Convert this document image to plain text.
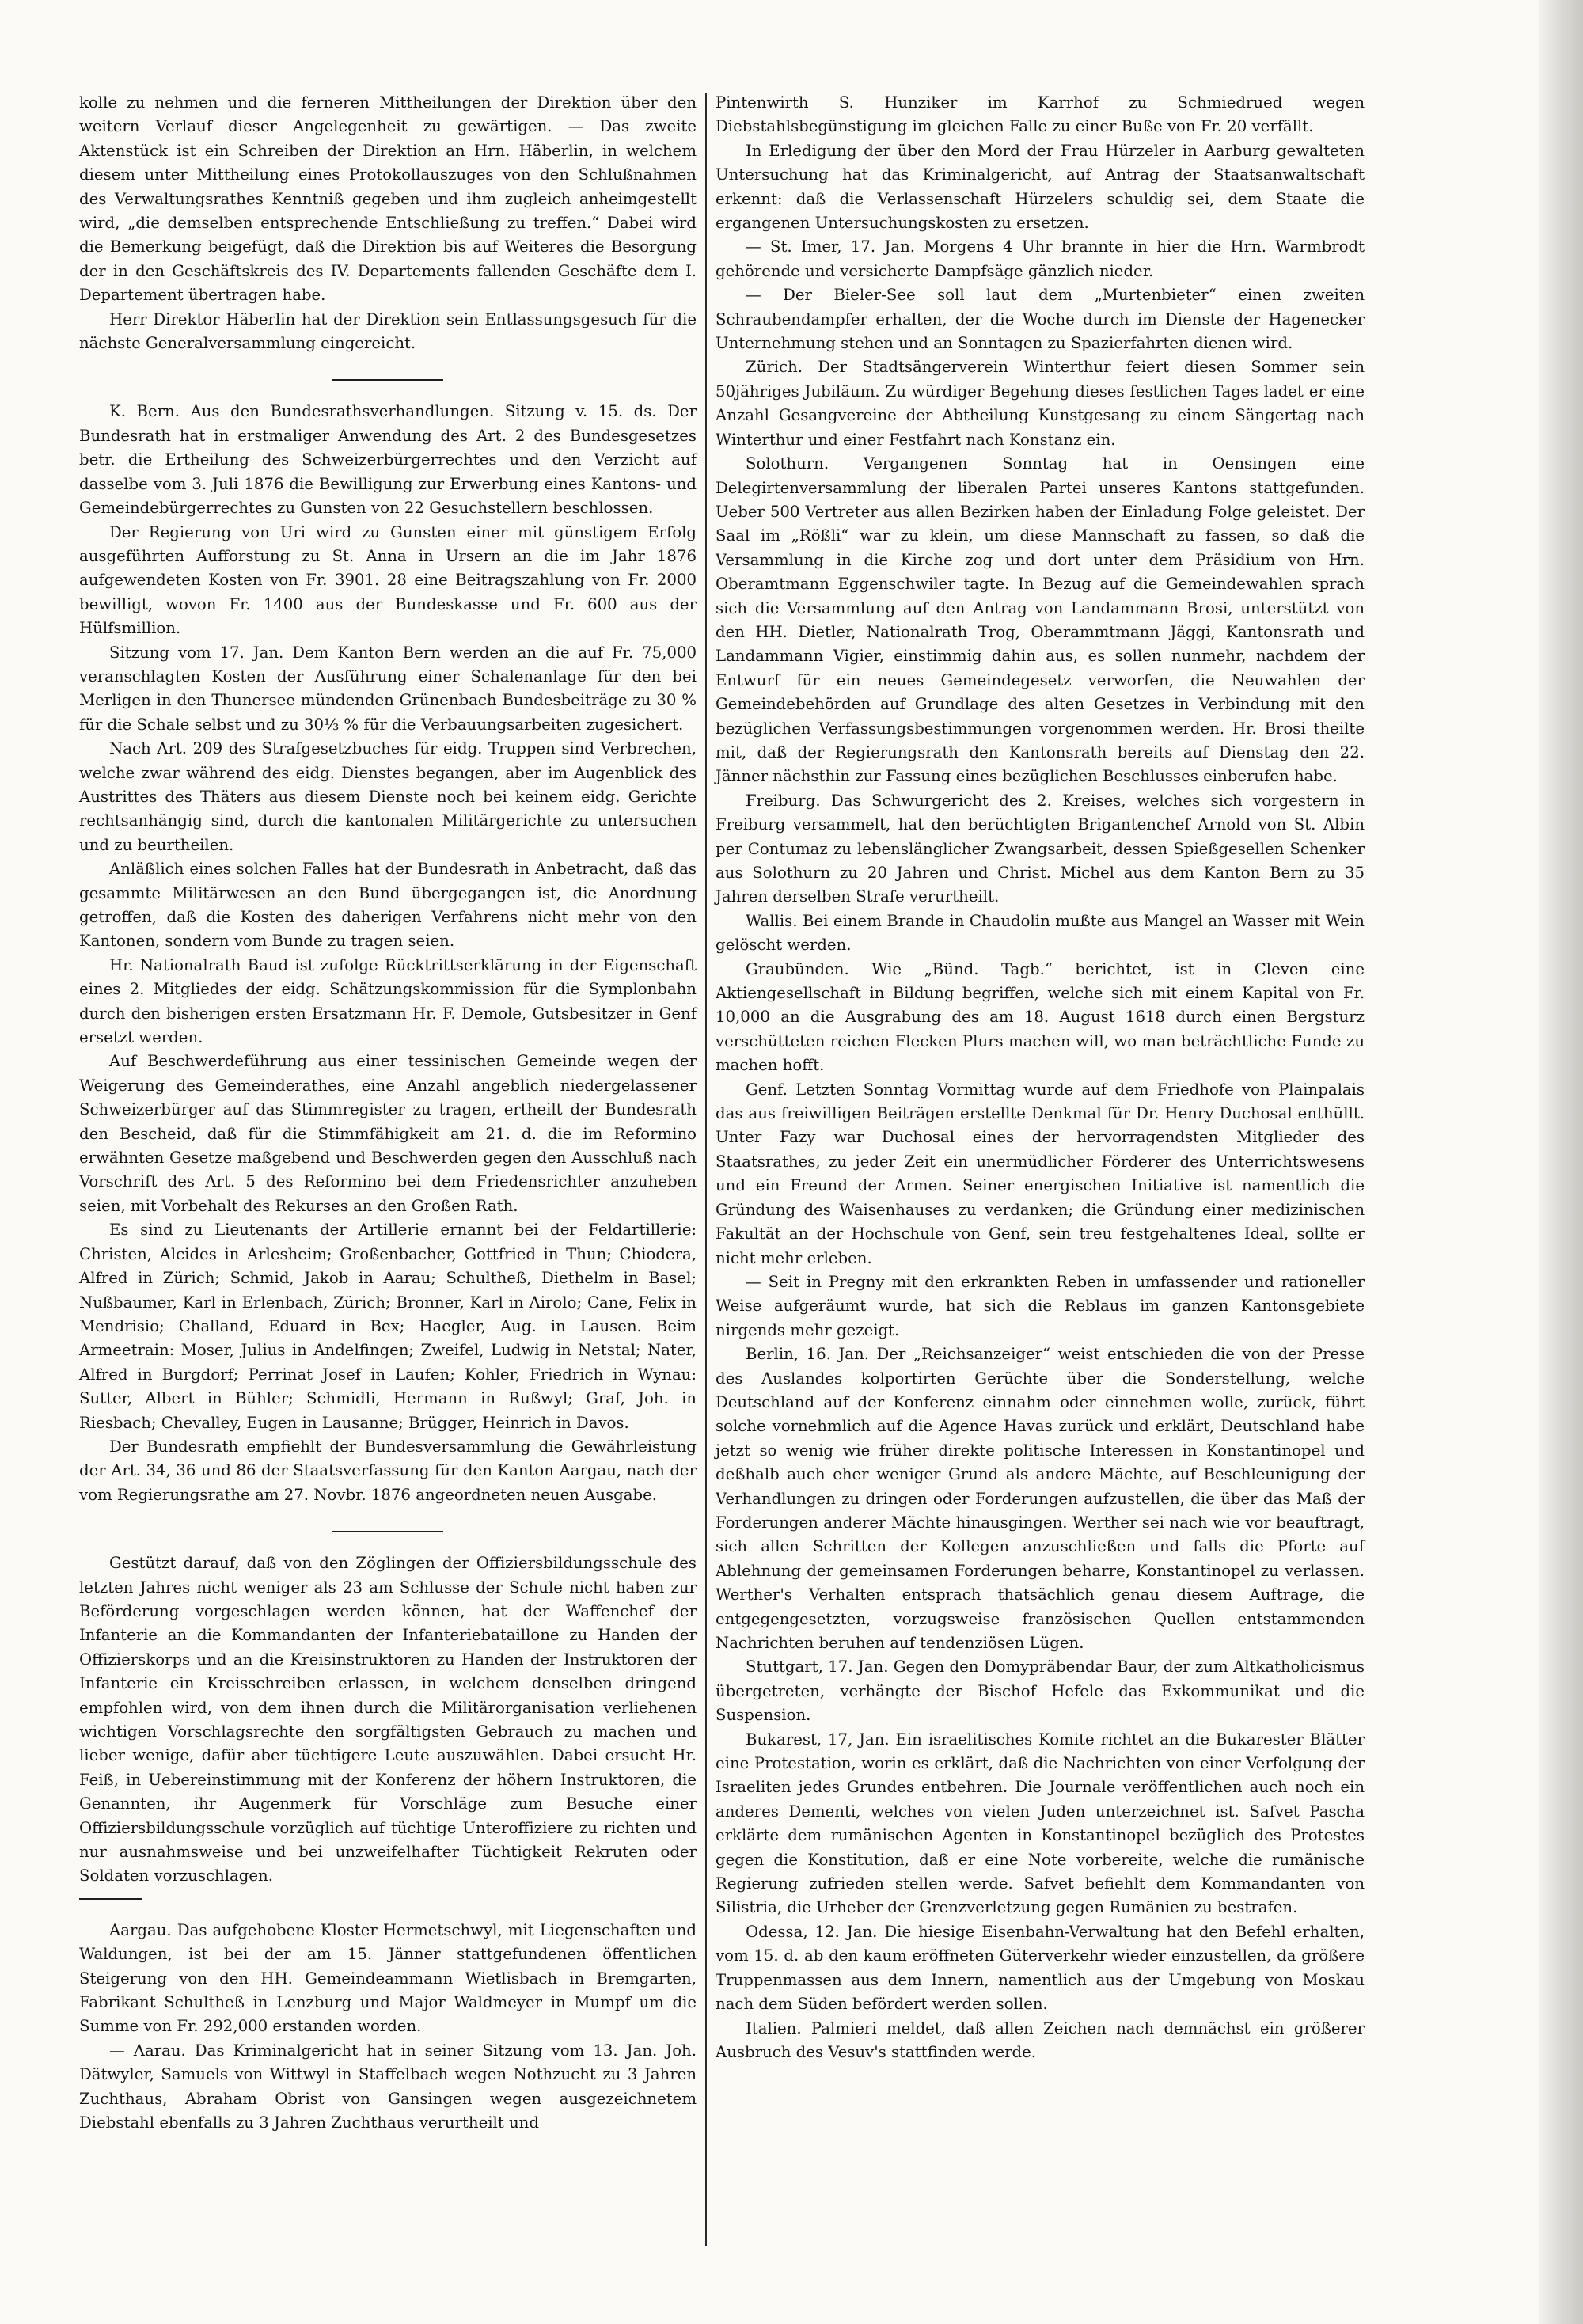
kolle zu nehmen und die ferneren Mittheilungen der Direktion über den weitern Verlauf dieser Angelegenheit zu gewärtigen. — Das zweite Aktenstück ist ein Schreiben der Direktion an Hrn. Häberlin, in welchem diesem unter Mittheilung eines Protokollauszuges von den Schlußnahmen des Verwaltungsrathes Kenntniß gegeben und ihm zugleich anheimgestellt wird, „die demselben entsprechende Entschließung zu treffen.“ Dabei wird die Bemerkung beigefügt, daß die Direktion bis auf Weiteres die Besorgung der in den Geschäftskreis des IV. Departements fallenden Geschäfte dem I. Departement übertragen habe.

Herr Direktor Häberlin hat der Direktion sein Entlassungsgesuch für die nächste Generalversammlung eingereicht.

K. Bern. Aus den Bundesrathsverhandlungen. Sitzung v. 15. ds. Der Bundesrath hat in erstmaliger Anwendung des Art. 2 des Bundesgesetzes betr. die Ertheilung des Schweizerbürgerrechtes und den Verzicht auf dasselbe vom 3. Juli 1876 die Bewilligung zur Erwerbung eines Kantons- und Gemeindebürgerrechtes zu Gunsten von 22 Gesuchstellern beschlossen.

Der Regierung von Uri wird zu Gunsten einer mit günstigem Erfolg ausgeführten Aufforstung zu St. Anna in Ursern an die im Jahr 1876 aufgewendeten Kosten von Fr. 3901. 28 eine Beitragszahlung von Fr. 2000 bewilligt, wovon Fr. 1400 aus der Bundeskasse und Fr. 600 aus der Hülfsmillion.

Sitzung vom 17. Jan. Dem Kanton Bern werden an die auf Fr. 75,000 veranschlagten Kosten der Ausführung einer Schalenanlage für den bei Merligen in den Thunersee mündenden Grünenbach Bundesbeiträge zu 30 % für die Schale selbst und zu 30⅓ % für die Verbauungsarbeiten zugesichert.

Nach Art. 209 des Strafgesetzbuches für eidg. Truppen sind Verbrechen, welche zwar während des eidg. Dienstes begangen, aber im Augenblick des Austrittes des Thäters aus diesem Dienste noch bei keinem eidg. Gerichte rechtsanhängig sind, durch die kantonalen Militärgerichte zu untersuchen und zu beurtheilen.

Anläßlich eines solchen Falles hat der Bundesrath in Anbetracht, daß das gesammte Militärwesen an den Bund übergegangen ist, die Anordnung getroffen, daß die Kosten des daherigen Verfahrens nicht mehr von den Kantonen, sondern vom Bunde zu tragen seien.

Hr. Nationalrath Baud ist zufolge Rücktrittserklärung in der Eigenschaft eines 2. Mitgliedes der eidg. Schätzungskommission für die Symplonbahn durch den bisherigen ersten Ersatzmann Hr. F. Demole, Gutsbesitzer in Genf ersetzt werden.

Auf Beschwerdeführung aus einer tessinischen Gemeinde wegen der Weigerung des Gemeinderathes, eine Anzahl angeblich niedergelassener Schweizerbürger auf das Stimmregister zu tragen, ertheilt der Bundesrath den Bescheid, daß für die Stimmfähigkeit am 21. d. die im Reformino erwähnten Gesetze maßgebend und Beschwerden gegen den Ausschluß nach Vorschrift des Art. 5 des Reformino bei dem Friedensrichter anzuheben seien, mit Vorbehalt des Rekurses an den Großen Rath.

Es sind zu Lieutenants der Artillerie ernannt bei der Feldartillerie: Christen, Alcides in Arlesheim; Großenbacher, Gottfried in Thun; Chiodera, Alfred in Zürich; Schmid, Jakob in Aarau; Schultheß, Diethelm in Basel; Nußbaumer, Karl in Erlenbach, Zürich; Bronner, Karl in Airolo; Cane, Felix in Mendrisio; Challand, Eduard in Bex; Haegler, Aug. in Lausen. Beim Armeetrain: Moser, Julius in Andelfingen; Zweifel, Ludwig in Netstal; Nater, Alfred in Burgdorf; Perrinat Josef in Laufen; Kohler, Friedrich in Wynau: Sutter, Albert in Bühler; Schmidli, Hermann in Rußwyl; Graf, Joh. in Riesbach; Chevalley, Eugen in Lausanne; Brügger, Heinrich in Davos.

Der Bundesrath empfiehlt der Bundesversammlung die Gewährleistung der Art. 34, 36 und 86 der Staatsverfassung für den Kanton Aargau, nach der vom Regierungsrathe am 27. Novbr. 1876 angeordneten neuen Ausgabe.

Gestützt darauf, daß von den Zöglingen der Offiziersbildungsschule des letzten Jahres nicht weniger als 23 am Schlusse der Schule nicht haben zur Beförderung vorgeschlagen werden können, hat der Waffenchef der Infanterie an die Kommandanten der Infanteriebataillone zu Handen der Offizierskorps und an die Kreisinstruktoren zu Handen der Instruktoren der Infanterie ein Kreisschreiben erlassen, in welchem denselben dringend empfohlen wird, von dem ihnen durch die Militärorganisation verliehenen wichtigen Vorschlagsrechte den sorgfältigsten Gebrauch zu machen und lieber wenige, dafür aber tüchtigere Leute auszuwählen. Dabei ersucht Hr. Feiß, in Uebereinstimmung mit der Konferenz der höhern Instruktoren, die Genannten, ihr Augenmerk für Vorschläge zum Besuche einer Offiziersbildungsschule vorzüglich auf tüchtige Unteroffiziere zu richten und nur ausnahmsweise und bei unzweifelhafter Tüchtigkeit Rekruten oder Soldaten vorzuschlagen.

Aargau. Das aufgehobene Kloster Hermetschwyl, mit Liegenschaften und Waldungen, ist bei der am 15. Jänner stattgefundenen öffentlichen Steigerung von den HH. Gemeindeammann Wietlisbach in Bremgarten, Fabrikant Schultheß in Lenzburg und Major Waldmeyer in Mumpf um die Summe von Fr. 292,000 erstanden worden.

— Aarau. Das Kriminalgericht hat in seiner Sitzung vom 13. Jan. Joh. Dätwyler, Samuels von Wittwyl in Staffelbach wegen Nothzucht zu 3 Jahren Zuchthaus, Abraham Obrist von Gansingen wegen ausgezeichnetem Diebstahl ebenfalls zu 3 Jahren Zuchthaus verurtheilt und

Pintenwirth S. Hunziker im Karrhof zu Schmiedrued wegen Diebstahlsbegünstigung im gleichen Falle zu einer Buße von Fr. 20 verfällt.

In Erledigung der über den Mord der Frau Hürzeler in Aarburg gewalteten Untersuchung hat das Kriminalgericht, auf Antrag der Staatsanwaltschaft erkennt: daß die Verlassenschaft Hürzelers schuldig sei, dem Staate die ergangenen Untersuchungskosten zu ersetzen.

— St. Imer, 17. Jan. Morgens 4 Uhr brannte in hier die Hrn. Warmbrodt gehörende und versicherte Dampfsäge gänzlich nieder.

— Der Bieler-See soll laut dem „Murtenbieter“ einen zweiten Schraubendampfer erhalten, der die Woche durch im Dienste der Hagenecker Unternehmung stehen und an Sonntagen zu Spazierfahrten dienen wird.

Zürich. Der Stadtsängerverein Winterthur feiert diesen Sommer sein 50jähriges Jubiläum. Zu würdiger Begehung dieses festlichen Tages ladet er eine Anzahl Gesangvereine der Abtheilung Kunstgesang zu einem Sängertag nach Winterthur und einer Festfahrt nach Konstanz ein.

Solothurn. Vergangenen Sonntag hat in Oensingen eine Delegirtenversammlung der liberalen Partei unseres Kantons stattgefunden. Ueber 500 Vertreter aus allen Bezirken haben der Einladung Folge geleistet. Der Saal im „Rößli“ war zu klein, um diese Mannschaft zu fassen, so daß die Versammlung in die Kirche zog und dort unter dem Präsidium von Hrn. Oberamtmann Eggenschwiler tagte. In Bezug auf die Gemeindewahlen sprach sich die Versammlung auf den Antrag von Landammann Brosi, unterstützt von den HH. Dietler, Nationalrath Trog, Oberammtmann Jäggi, Kantonsrath und Landammann Vigier, einstimmig dahin aus, es sollen nunmehr, nachdem der Entwurf für ein neues Gemeindegesetz verworfen, die Neuwahlen der Gemeindebehörden auf Grundlage des alten Gesetzes in Verbindung mit den bezüglichen Verfassungsbestimmungen vorgenommen werden. Hr. Brosi theilte mit, daß der Regierungsrath den Kantonsrath bereits auf Dienstag den 22. Jänner nächsthin zur Fassung eines bezüglichen Beschlusses einberufen habe.

Freiburg. Das Schwurgericht des 2. Kreises, welches sich vorgestern in Freiburg versammelt, hat den berüchtigten Brigantenchef Arnold von St. Albin per Contumaz zu lebenslänglicher Zwangsarbeit, dessen Spießgesellen Schenker aus Solothurn zu 20 Jahren und Christ. Michel aus dem Kanton Bern zu 35 Jahren derselben Strafe verurtheilt.

Wallis. Bei einem Brande in Chaudolin mußte aus Mangel an Wasser mit Wein gelöscht werden.

Graubünden. Wie „Bünd. Tagb.“ berichtet, ist in Cleven eine Aktiengesellschaft in Bildung begriffen, welche sich mit einem Kapital von Fr. 10,000 an die Ausgrabung des am 18. August 1618 durch einen Bergsturz verschütteten reichen Flecken Plurs machen will, wo man beträchtliche Funde zu machen hofft.

Genf. Letzten Sonntag Vormittag wurde auf dem Friedhofe von Plainpalais das aus freiwilligen Beiträgen erstellte Denkmal für Dr. Henry Duchosal enthüllt. Unter Fazy war Duchosal eines der hervorragendsten Mitglieder des Staatsrathes, zu jeder Zeit ein unermüdlicher Förderer des Unterrichtswesens und ein Freund der Armen. Seiner energischen Initiative ist namentlich die Gründung des Waisenhauses zu verdanken; die Gründung einer medizinischen Fakultät an der Hochschule von Genf, sein treu festgehaltenes Ideal, sollte er nicht mehr erleben.

— Seit in Pregny mit den erkrankten Reben in umfassender und rationeller Weise aufgeräumt wurde, hat sich die Reblaus im ganzen Kantonsgebiete nirgends mehr gezeigt.

Berlin, 16. Jan. Der „Reichsanzeiger“ weist entschieden die von der Presse des Auslandes kolportirten Gerüchte über die Sonderstellung, welche Deutschland auf der Konferenz einnahm oder einnehmen wolle, zurück, führt solche vornehmlich auf die Agence Havas zurück und erklärt, Deutschland habe jetzt so wenig wie früher direkte politische Interessen in Konstantinopel und deßhalb auch eher weniger Grund als andere Mächte, auf Beschleunigung der Verhandlungen zu dringen oder Forderungen aufzustellen, die über das Maß der Forderungen anderer Mächte hinausgingen. Werther sei nach wie vor beauftragt, sich allen Schritten der Kollegen anzuschließen und falls die Pforte auf Ablehnung der gemeinsamen Forderungen beharre, Konstantinopel zu verlassen. Werther's Verhalten entsprach thatsächlich genau diesem Auftrage, die entgegengesetzten, vorzugsweise französischen Quellen entstammenden Nachrichten beruhen auf tendenziösen Lügen.

Stuttgart, 17. Jan. Gegen den Domypräbendar Baur, der zum Altkatholicismus übergetreten, verhängte der Bischof Hefele das Exkommunikat und die Suspension.

Bukarest, 17, Jan. Ein israelitisches Komite richtet an die Bukarester Blätter eine Protestation, worin es erklärt, daß die Nachrichten von einer Verfolgung der Israeliten jedes Grundes entbehren. Die Journale veröffentlichen auch noch ein anderes Dementi, welches von vielen Juden unterzeichnet ist. Safvet Pascha erklärte dem rumänischen Agenten in Konstantinopel bezüglich des Protestes gegen die Konstitution, daß er eine Note vorbereite, welche die rumänische Regierung zufrieden stellen werde. Safvet befiehlt dem Kommandanten von Silistria, die Urheber der Grenzverletzung gegen Rumänien zu bestrafen.

Odessa, 12. Jan. Die hiesige Eisenbahn-Verwaltung hat den Befehl erhalten, vom 15. d. ab den kaum eröffneten Güterverkehr wieder einzustellen, da größere Truppenmassen aus dem Innern, namentlich aus der Umgebung von Moskau nach dem Süden befördert werden sollen.

Italien. Palmieri meldet, daß allen Zeichen nach demnächst ein größerer Ausbruch des Vesuv's stattfinden werde.
